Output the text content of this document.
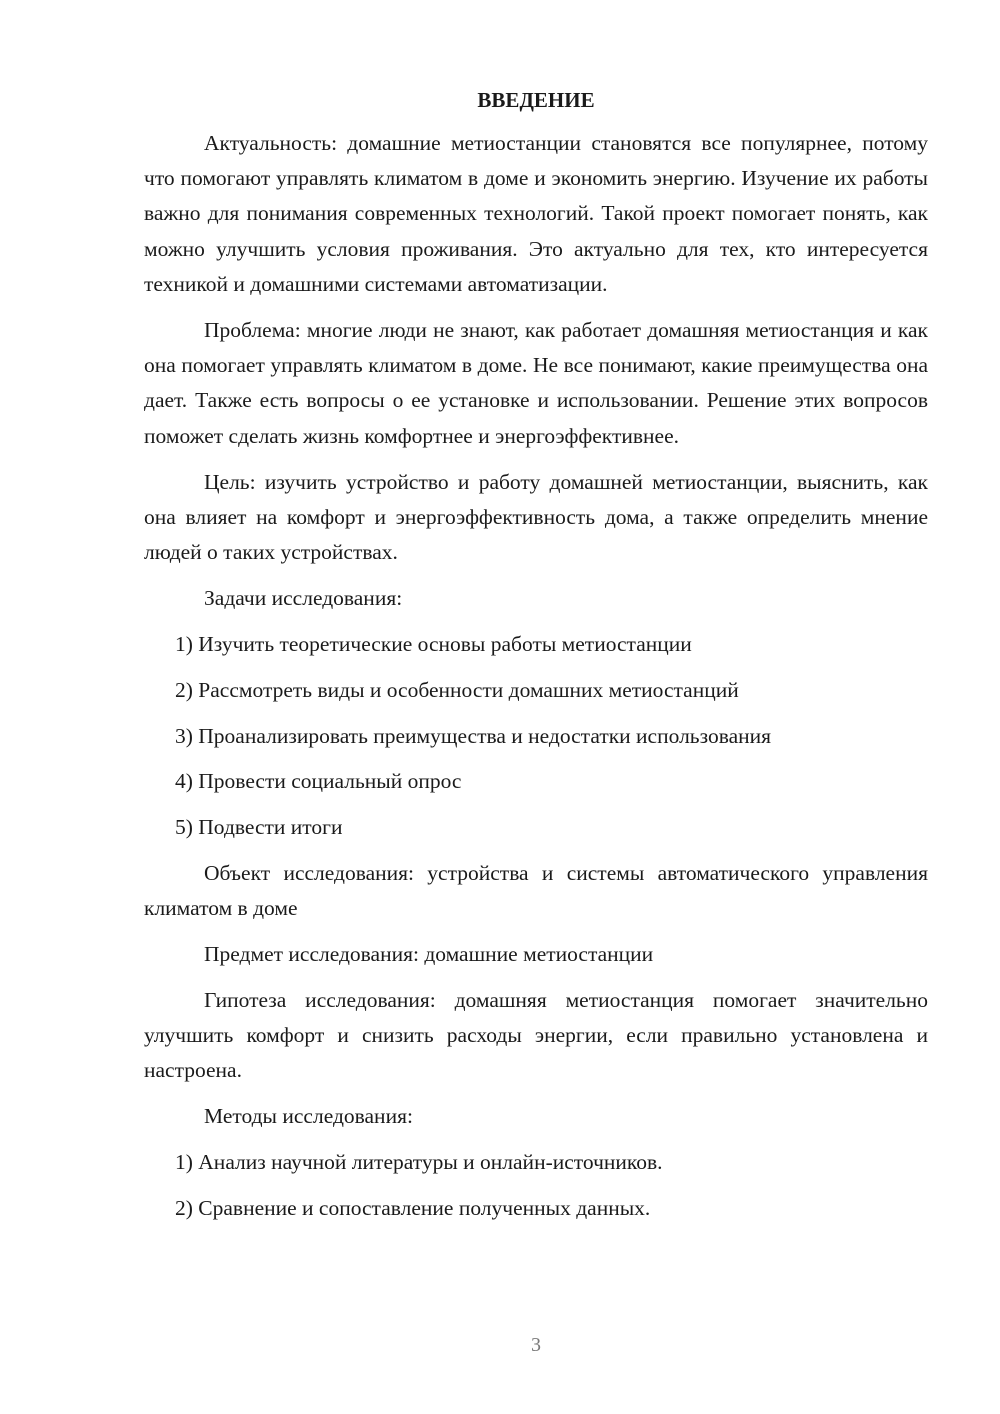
ВВЕДЕНИЕ

Актуальность: домашние метиостанции становятся все популярнее, потому что помогают управлять климатом в доме и экономить энергию. Изучение их работы важно для понимания современных технологий. Такой проект помогает понять, как можно улучшить условия проживания. Это актуально для тех, кто интересуется техникой и домашними системами автоматизации.

Проблема: многие люди не знают, как работает домашняя метиостанция и как она помогает управлять климатом в доме. Не все понимают, какие преимущества она дает. Также есть вопросы о ее установке и использовании. Решение этих вопросов поможет сделать жизнь комфортнее и энергоэффективнее.

Цель: изучить устройство и работу домашней метиостанции, выяснить, как она влияет на комфорт и энергоэффективность дома, а также определить мнение людей о таких устройствах.

Задачи исследования:
1) Изучить теоретические основы работы метиостанции
2) Рассмотреть виды и особенности домашних метиостанций
3) Проанализировать преимущества и недостатки использования
4) Провести социальный опрос
5) Подвести итоги

Объект исследования: устройства и системы автоматического управления климатом в доме

Предмет исследования: домашние метиостанции

Гипотеза исследования: домашняя метиостанция помогает значительно улучшить комфорт и снизить расходы энергии, если правильно установлена и настроена.

Методы исследования:
1) Анализ научной литературы и онлайн-источников.
2) Сравнение и сопоставление полученных данных.
3
